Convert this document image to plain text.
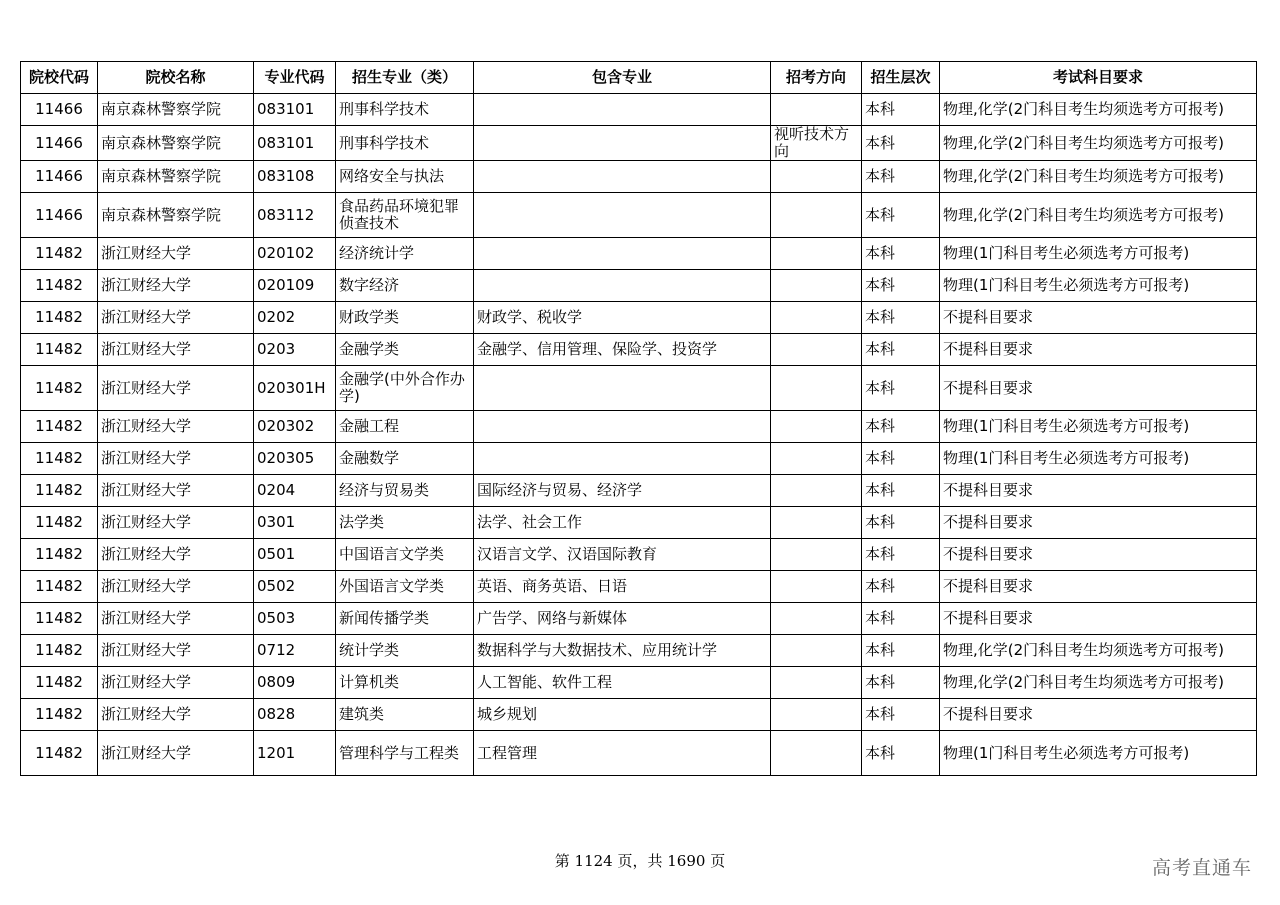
院校代码	院校名称	专业代码	招生专业（类）	包含专业	招考方向	招生层次	考试科目要求
11466	南京森林警察学院	083101	刑事科学技术			本科	物理,化学(2门科目考生均须选考方可报考)
11466	南京森林警察学院	083101	刑事科学技术		视听技术方向	本科	物理,化学(2门科目考生均须选考方可报考)
11466	南京森林警察学院	083108	网络安全与执法			本科	物理,化学(2门科目考生均须选考方可报考)
11466	南京森林警察学院	083112	食品药品环境犯罪侦查技术			本科	物理,化学(2门科目考生均须选考方可报考)
11482	浙江财经大学	020102	经济统计学			本科	物理(1门科目考生必须选考方可报考)
11482	浙江财经大学	020109	数字经济			本科	物理(1门科目考生必须选考方可报考)
11482	浙江财经大学	0202	财政学类	财政学、税收学		本科	不提科目要求
11482	浙江财经大学	0203	金融学类	金融学、信用管理、保险学、投资学		本科	不提科目要求
11482	浙江财经大学	020301H	金融学(中外合作办学)			本科	不提科目要求
11482	浙江财经大学	020302	金融工程			本科	物理(1门科目考生必须选考方可报考)
11482	浙江财经大学	020305	金融数学			本科	物理(1门科目考生必须选考方可报考)
11482	浙江财经大学	0204	经济与贸易类	国际经济与贸易、经济学		本科	不提科目要求
11482	浙江财经大学	0301	法学类	法学、社会工作		本科	不提科目要求
11482	浙江财经大学	0501	中国语言文学类	汉语言文学、汉语国际教育		本科	不提科目要求
11482	浙江财经大学	0502	外国语言文学类	英语、商务英语、日语		本科	不提科目要求
11482	浙江财经大学	0503	新闻传播学类	广告学、网络与新媒体		本科	不提科目要求
11482	浙江财经大学	0712	统计学类	数据科学与大数据技术、应用统计学		本科	物理,化学(2门科目考生均须选考方可报考)
11482	浙江财经大学	0809	计算机类	人工智能、软件工程		本科	物理,化学(2门科目考生均须选考方可报考)
11482	浙江财经大学	0828	建筑类	城乡规划		本科	不提科目要求
11482	浙江财经大学	1201	管理科学与工程类	工程管理		本科	物理(1门科目考生必须选考方可报考)
第 1124 页，共 1690 页	高考直通车
